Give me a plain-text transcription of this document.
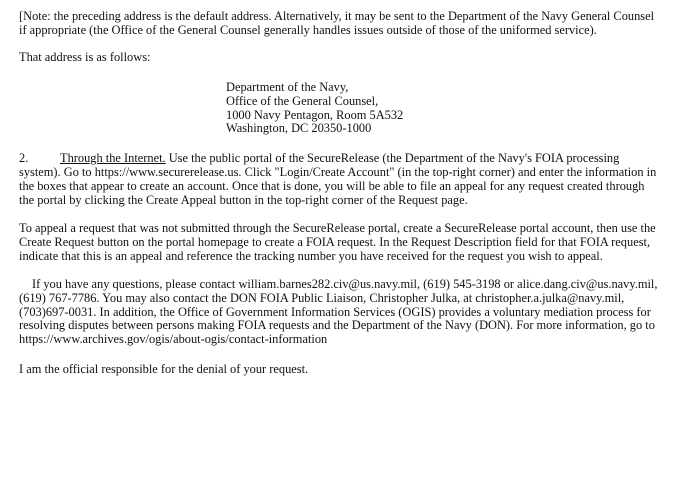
[Note: the preceding address is the default address. Alternatively, it may be sent to the Department of the Navy General Counsel if appropriate (the Office of the General Counsel generally handles issues outside of those of the uniformed service).

That address is as follows:

Department of the Navy,
Office of the General Counsel,
1000 Navy Pentagon, Room 5A532
Washington, DC 20350-1000

2.	Through the Internet. Use the public portal of the SecureRelease (the Department of the Navy's FOIA processing system). Go to https://www.securerelease.us. Click "Login/Create Account" (in the top-right corner) and enter the information in the boxes that appear to create an account. Once that is done, you will be able to file an appeal for any request created through the portal by clicking the Create Appeal button in the top-right corner of the Request page.

To appeal a request that was not submitted through the SecureRelease portal, create a SecureRelease portal account, then use the Create Request button on the portal homepage to create a FOIA request. In the Request Description field for that FOIA request, indicate that this is an appeal and reference the tracking number you have received for the request you wish to appeal.

If you have any questions, please contact william.barnes282.civ@us.navy.mil, (619) 545-3198 or alice.dang.civ@us.navy.mil, (619) 767-7786. You may also contact the DON FOIA Public Liaison, Christopher Julka, at christopher.a.julka@navy.mil, (703)697-0031. In addition, the Office of Government Information Services (OGIS) provides a voluntary mediation process for resolving disputes between persons making FOIA requests and the Department of the Navy (DON). For more information, go to https://www.archives.gov/ogis/about-ogis/contact-information

I am the official responsible for the denial of your request.
